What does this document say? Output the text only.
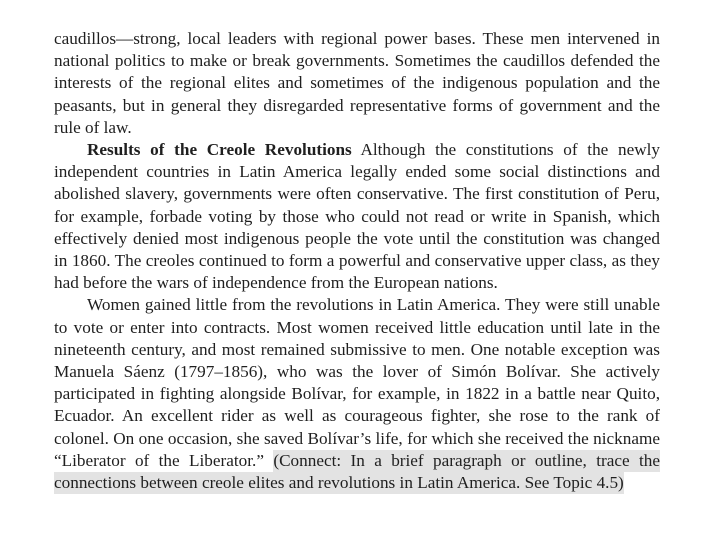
caudillos—strong, local leaders with regional power bases. These men intervened in national politics to make or break governments. Sometimes the caudillos defended the interests of the regional elites and sometimes of the indigenous population and the peasants, but in general they disregarded representative forms of government and the rule of law.

Results of the Creole Revolutions Although the constitutions of the newly independent countries in Latin America legally ended some social distinctions and abolished slavery, governments were often conservative. The first constitution of Peru, for example, forbade voting by those who could not read or write in Spanish, which effectively denied most indigenous people the vote until the constitution was changed in 1860. The creoles continued to form a powerful and conservative upper class, as they had before the wars of independence from the European nations.

Women gained little from the revolutions in Latin America. They were still unable to vote or enter into contracts. Most women received little education until late in the nineteenth century, and most remained submissive to men. One notable exception was Manuela Sáenz (1797–1856), who was the lover of Simón Bolívar. She actively participated in fighting alongside Bolívar, for example, in 1822 in a battle near Quito, Ecuador. An excellent rider as well as courageous fighter, she rose to the rank of colonel. On one occasion, she saved Bolívar’s life, for which she received the nickname “Liberator of the Liberator.” (Connect: In a brief paragraph or outline, trace the connections between creole elites and revolutions in Latin America. See Topic 4.5)
